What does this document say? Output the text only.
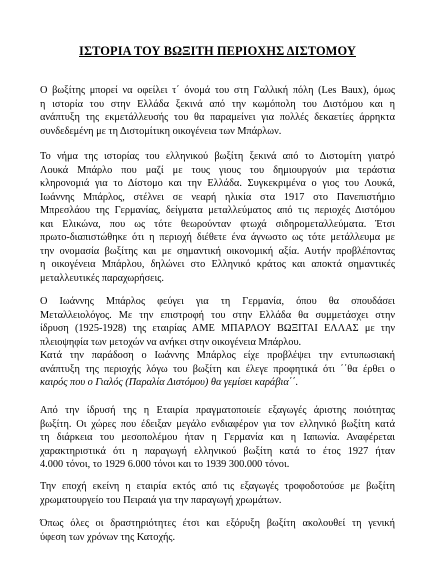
ΙΣΤΟΡΙΑ ΤΟΥ ΒΩΞΙΤΗ ΠΕΡΙΟΧΗΣ ΔΙΣΤΟΜΟΥ
Ο βωξίτης μπορεί να οφείλει τ΄ όνομά του στη Γαλλική πόλη (Les Baux), όμως
η ιστορία του στην Ελλάδα ξεκινά από την κωμόπολη του Διστόμου και η
ανάπτυξη της εκμετάλλευσής του θα παραμείνει για πολλές δεκαετίες άρρηκτα
συνδεδεμένη με τη Διστομίτικη οικογένεια των Μπάρλων.
Το νήμα της ιστορίας του ελληνικού βωξίτη ξεκινά από το Διστομίτη γιατρό
Λουκά Μπάρλο που μαζί με τους γιους του δημιουργούν μια τεράστια
κληρονομιά για το Δίστομο και την Ελλάδα. Συγκεκριμένα ο γιος του Λουκά,
Ιωάννης Μπάρλος, στέλνει σε νεαρή ηλικία στα 1917 στο Πανεπιστήμιο
Μπρεσλάου της Γερμανίας, δείγματα μεταλλεύματος από τις περιοχές Διστόμου
και Ελικώνα, που ως τότε θεωρούνταν φτωχά σιδηρομεταλλεύματα. Έτσι
πρωτο-διαπιστώθηκε ότι η περιοχή διέθετε ένα άγνωστο ως τότε μετάλλευμα με
την ονομασία βωξίτης και με σημαντική οικονομική αξία. Αυτήν προβλέποντας
η οικογένεια Μπάρλου, δηλώνει στο Ελληνικό κράτος και αποκτά σημαντικές
μεταλλευτικές παραχωρήσεις.
Ο Ιωάννης Μπάρλος φεύγει για τη Γερμανία, όπου θα σπουδάσει
Μεταλλειολόγος. Με την επιστροφή του στην Ελλάδα θα συμμετάσχει στην
ίδρυση (1925-1928) της εταιρίας ΑΜΕ ΜΠΑΡΛΟΥ ΒΩΞΙΤΑΙ ΕΛΛΑΣ με την
πλειοψηφία των μετοχών να ανήκει στην οικογένεια Μπάρλου.
Κατά την παράδοση ο Ιωάννης Μπάρλος είχε προβλέψει την εντυπωσιακή
ανάπτυξη της περιοχής λόγω του βωξίτη και έλεγε προφητικά ότι ΄΄θα έρθει ο
καιρός που ο Γιαλός (Παραλία Διστόμου) θα γεμίσει καράβια΄΄.
Από την ίδρυσή της η Εταιρία πραγματοποιείε εξαγωγές άριστης ποιότητας
βωξίτη. Οι χώρες που έδειξαν μεγάλο ενδιαφέρον για τον ελληνικό βωξίτη κατά
τη διάρκεια του μεσοπολέμου ήταν η Γερμανία και η Ιαπωνία. Αναφέρεται
χαρακτηριστικά ότι η παραγωγή ελληνικού βωξίτη κατά το έτος 1927 ήταν
4.000 τόνοι, το 1929 6.000 τόνοι και το 1939 300.000 τόνοι.
Την εποχή εκείνη η εταιρία εκτός από τις εξαγωγές τροφοδοτούσε με βωξίτη
χρωματουργείο του Πειραιά για την παραγωγή χρωμάτων.
Όπως όλες οι δραστηριότητες έτσι και εξόρυξη βωξίτη ακολουθεί τη γενική
ύφεση των χρόνων της Κατοχής.
